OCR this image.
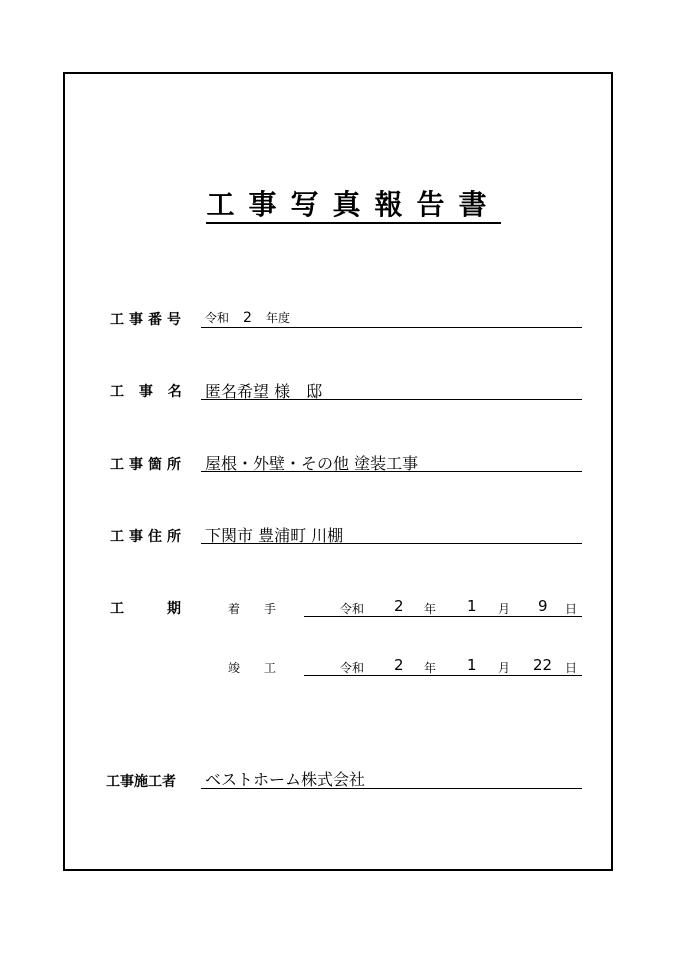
工事写真報告書
工事番号 令和 2 年度
工 事 名 匿名希望 様　邸
工事箇所 屋根・外壁・その他 塗装工事
工事住所 下関市 豊浦町 川棚
工　　期	着　　手	令和 2 年 1 月 9 日
竣　　工	令和 2 年 1 月 22 日
工事施工者 ベストホーム株式会社
